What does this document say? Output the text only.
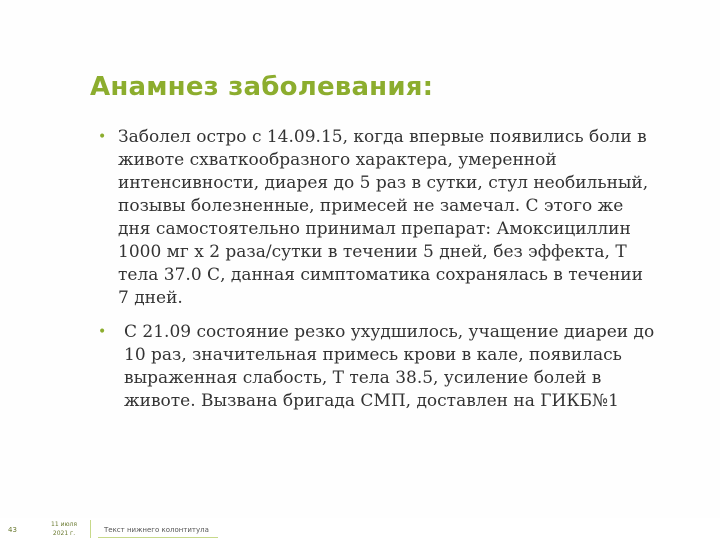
Анамнез заболевания:
• Заболел остро с 14.09.15, когда впервые появились боли в животе схваткообразного характера, умеренной интенсивности, диарея до 5 раз в сутки, стул необильный, позывы болезненные, примесей не замечал. С этого же дня самостоятельно принимал препарат: Амоксициллин 1000 мг х 2 раза/сутки в течении 5 дней, без эффекта, Т тела 37.0 С, данная симптоматика сохранялась в течении 7 дней.
• С 21.09 состояние резко ухудшилось, учащение диареи до 10 раз, значительная примесь крови в кале, появилась выраженная слабость, Т тела 38.5, усиление болей в животе. Вызвана бригада СМП, доставлен на ГИКБ№1
43
11 июля
2021 г.	Текст нижнего колонтитула
